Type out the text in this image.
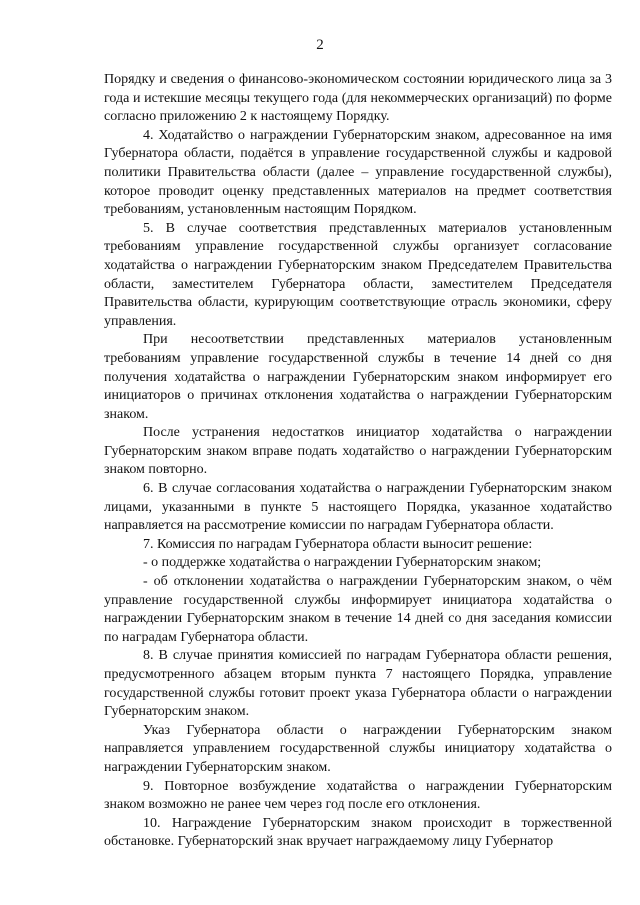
2

Порядку и сведения о финансово-экономическом состоянии юридического лица за 3 года и истекшие месяцы текущего года (для некоммерческих организаций) по форме согласно приложению 2 к настоящему Порядку.

4. Ходатайство о награждении Губернаторским знаком, адресованное на имя Губернатора области, подаётся в управление государственной службы и кадровой политики Правительства области (далее – управление государственной службы), которое проводит оценку представленных материалов на предмет соответствия требованиям, установленным настоящим Порядком.

5. В случае соответствия представленных материалов установленным требованиям управление государственной службы организует согласование ходатайства о награждении Губернаторским знаком Председателем Правительства области, заместителем Губернатора области, заместителем Председателя Правительства области, курирующим соответствующие отрасль экономики, сферу управления.

При несоответствии представленных материалов установленным требованиям управление государственной службы в течение 14 дней со дня получения ходатайства о награждении Губернаторским знаком информирует его инициаторов о причинах отклонения ходатайства о награждении Губернаторским знаком.

После устранения недостатков инициатор ходатайства о награждении Губернаторским знаком вправе подать ходатайство о награждении Губернаторским знаком повторно.

6. В случае согласования ходатайства о награждении Губернаторским знаком лицами, указанными в пункте 5 настоящего Порядка, указанное ходатайство направляется на рассмотрение комиссии по наградам Губернатора области.

7. Комиссия по наградам Губернатора области выносит решение:

- о поддержке ходатайства о награждении Губернаторским знаком;

- об отклонении ходатайства о награждении Губернаторским знаком, о чём управление государственной службы информирует инициатора ходатайства о награждении Губернаторским знаком в течение 14 дней со дня заседания комиссии по наградам Губернатора области.

8. В случае принятия комиссией по наградам Губернатора области решения, предусмотренного абзацем вторым пункта 7 настоящего Порядка, управление государственной службы готовит проект указа Губернатора области о награждении Губернаторским знаком.

Указ Губернатора области о награждении Губернаторским знаком направляется управлением государственной службы инициатору ходатайства о награждении Губернаторским знаком.

9. Повторное возбуждение ходатайства о награждении Губернаторским знаком возможно не ранее чем через год после его отклонения.

10. Награждение Губернаторским знаком происходит в торжественной обстановке. Губернаторский знак вручает награждаемому лицу Губернатор
